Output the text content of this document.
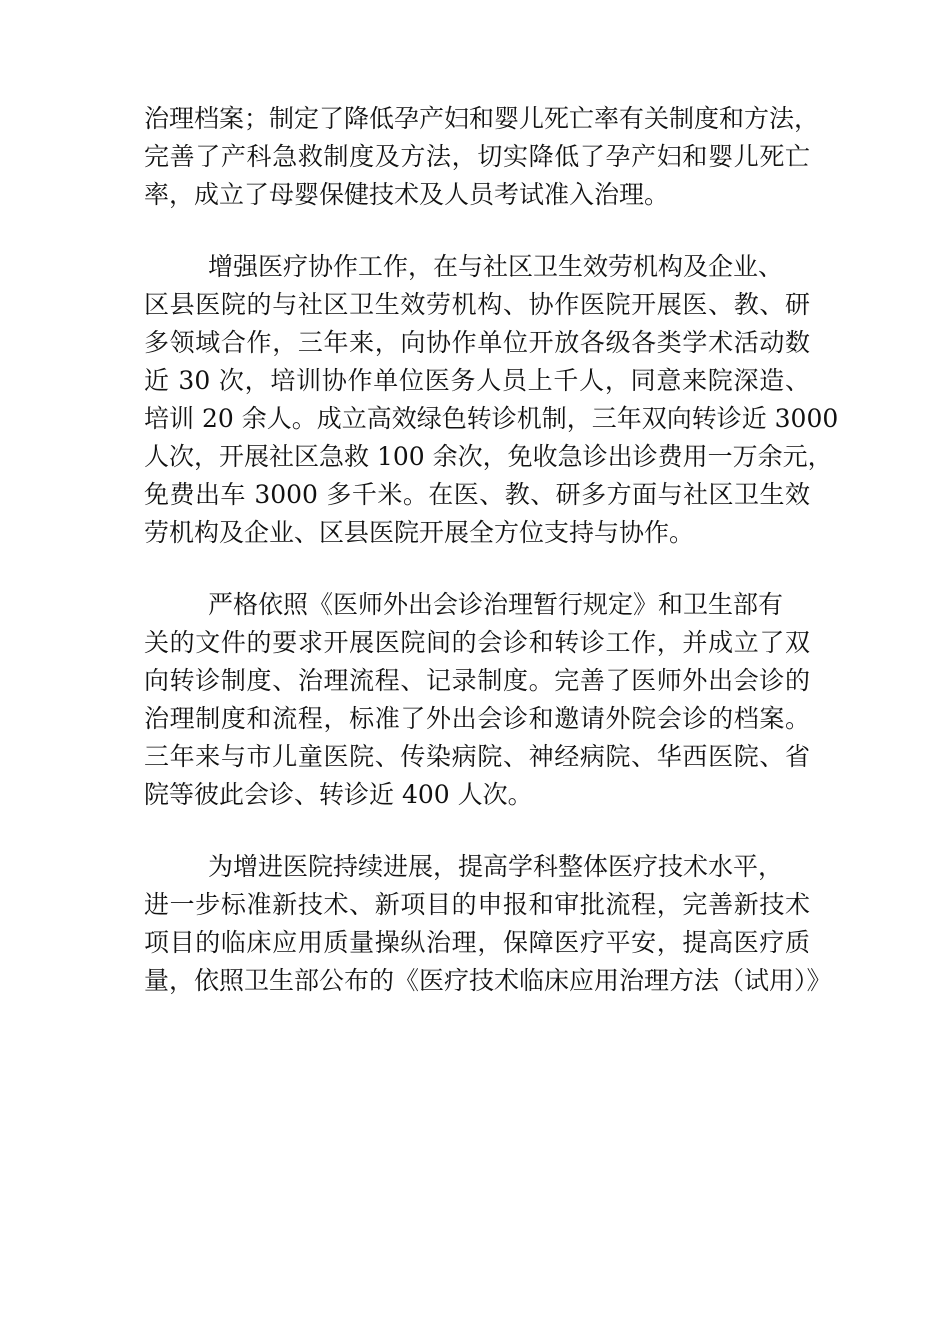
治理档案；制定了降低孕产妇和婴儿死亡率有关制度和方法，
完善了产科急救制度及方法，切实降低了孕产妇和婴儿死亡
率，成立了母婴保健技术及人员考试准入治理。
增强医疗协作工作，在与社区卫生效劳机构及企业、
区县医院的与社区卫生效劳机构、协作医院开展医、教、研
多领域合作，三年来，向协作单位开放各级各类学术活动数
近 30 次，培训协作单位医务人员上千人，同意来院深造、
培训 20 余人。成立高效绿色转诊机制，三年双向转诊近 3000
人次，开展社区急救 100 余次，免收急诊出诊费用一万余元，
免费出车 3000 多千米。在医、教、研多方面与社区卫生效
劳机构及企业、区县医院开展全方位支持与协作。
严格依照《医师外出会诊治理暂行规定》和卫生部有
关的文件的要求开展医院间的会诊和转诊工作，并成立了双
向转诊制度、治理流程、记录制度。完善了医师外出会诊的
治理制度和流程，标准了外出会诊和邀请外院会诊的档案。
三年来与市儿童医院、传染病院、神经病院、华西医院、省
院等彼此会诊、转诊近 400 人次。
为增进医院持续进展，提高学科整体医疗技术水平，
进一步标准新技术、新项目的申报和审批流程，完善新技术
项目的临床应用质量操纵治理，保障医疗平安，提高医疗质
量，依照卫生部公布的《医疗技术临床应用治理方法（试用）》
